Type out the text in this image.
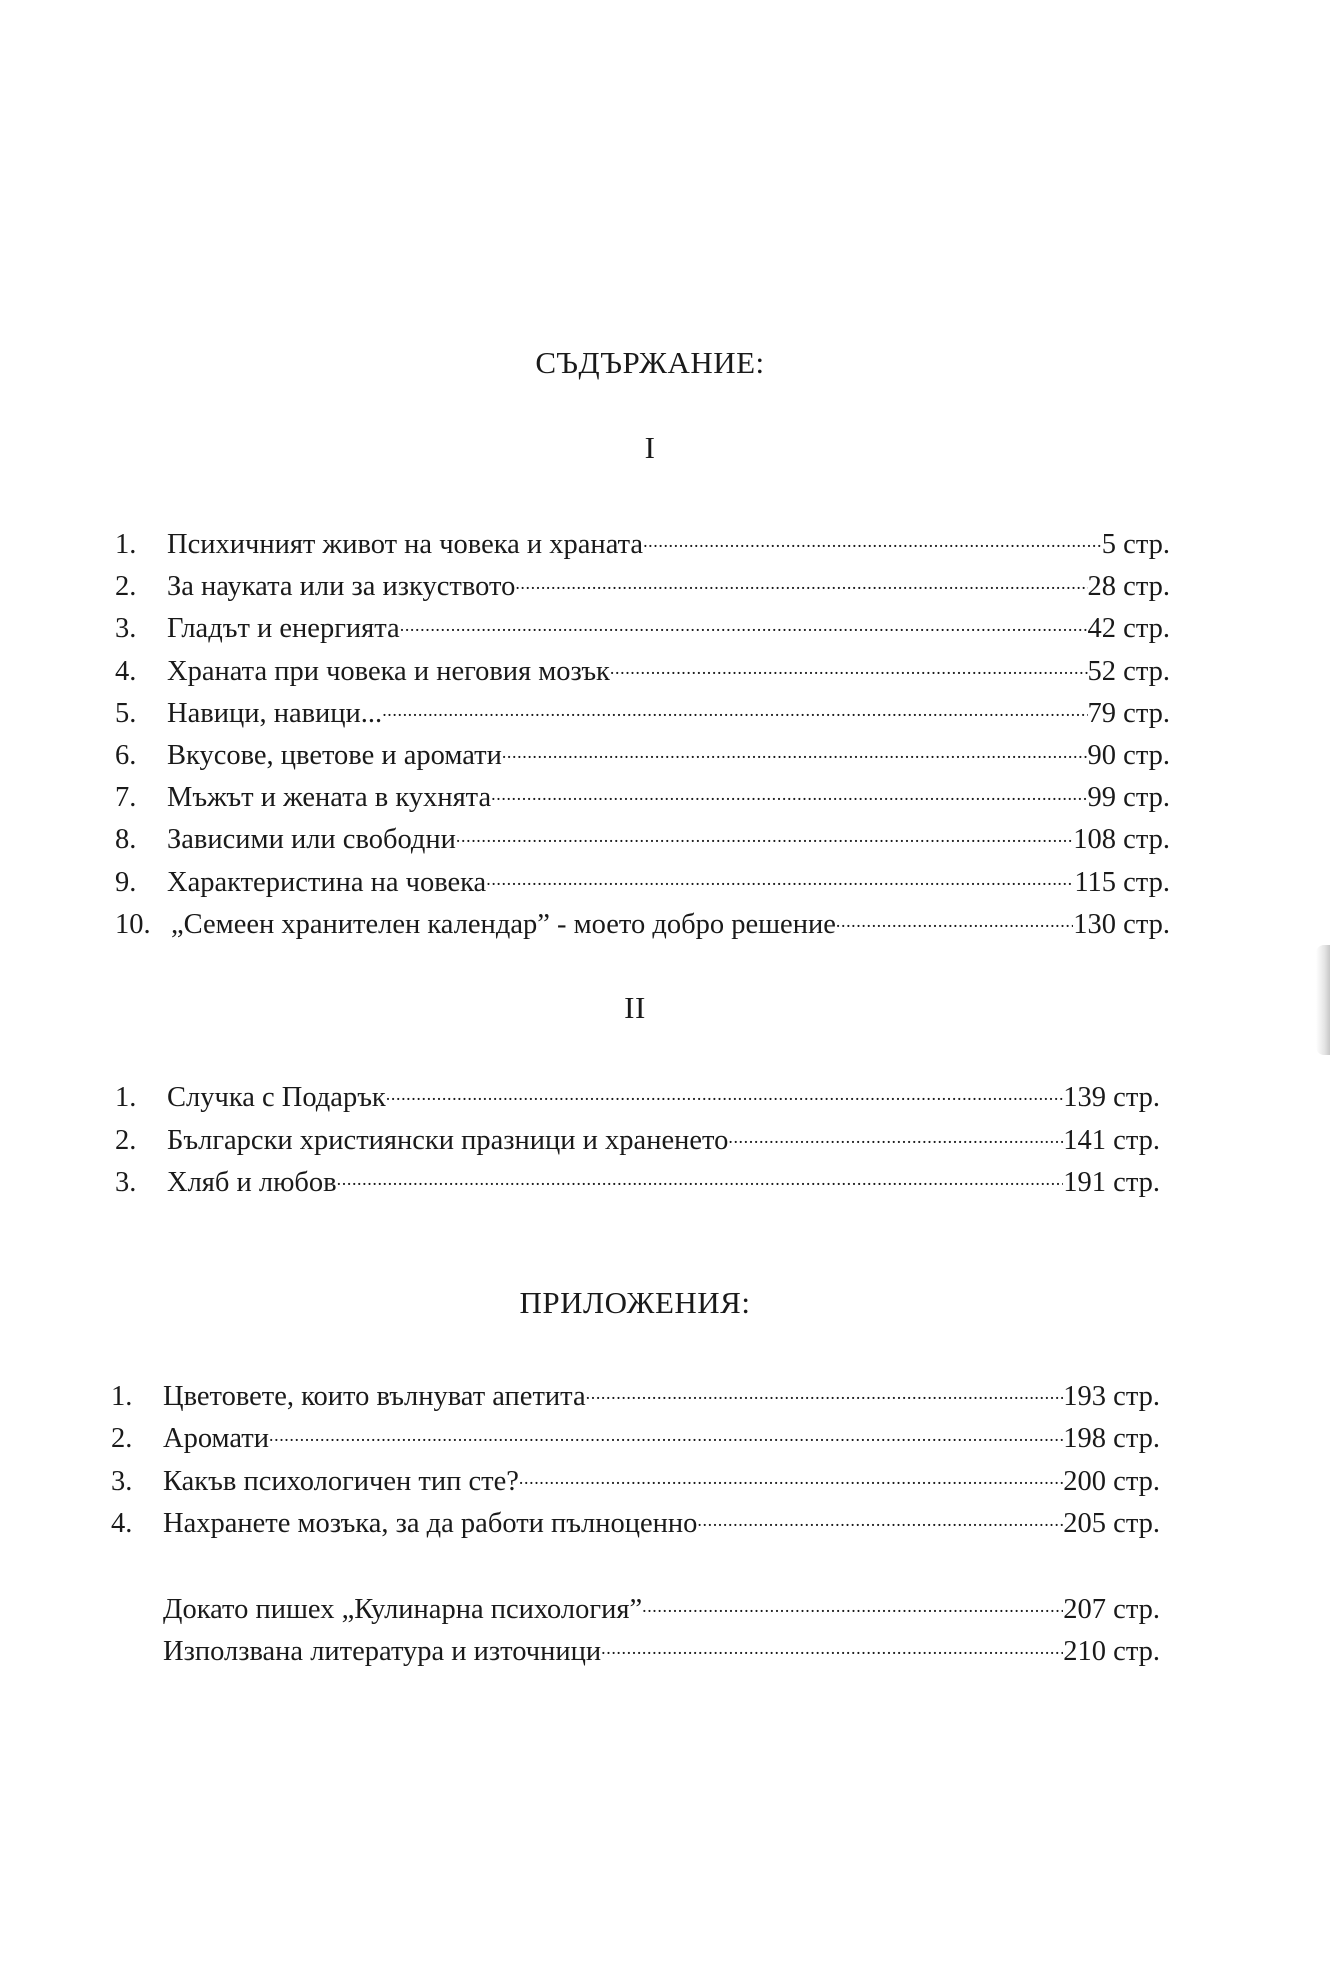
СЪДЪРЖАНИЕ:
I
1.	Психичният живот на човека и храната .....	5 стр.
2.	За науката или за изкуството .....	28 стр.
3.	Гладът и енергията .....	42 стр.
4.	Храната при човека и неговия мозък .....	52 стр.
5.	Навици, навици... .....	79 стр.
6.	Вкусове, цветове и аромати .....	90 стр.
7.	Мъжът и жената в кухнята .....	99 стр.
8.	Зависими или свободни .....	108 стр.
9.	Характеристина на човека .....	115 стр.
10. „Семеен хранителен календар” - моето добро решение .....	130 стр.
II
1.	Случка с Подарък .....	139 стр.
2.	Български християнски празници и храненето .....	141 стр.
3.	Хляб и любов .....	191 стр.
ПРИЛОЖЕНИЯ:
1.	Цветовете, които вълнуват апетита .....	193 стр.
2.	Аромати .....	198 стр.
3.	Какъв психологичен тип сте? .....	200 стр.
4.	Нахранете мозъка, за да работи пълноценно .....	205 стр.
Докато пишех „Кулинарна психология” .....	207 стр.
Използвана литература и източници .....	210 стр.
